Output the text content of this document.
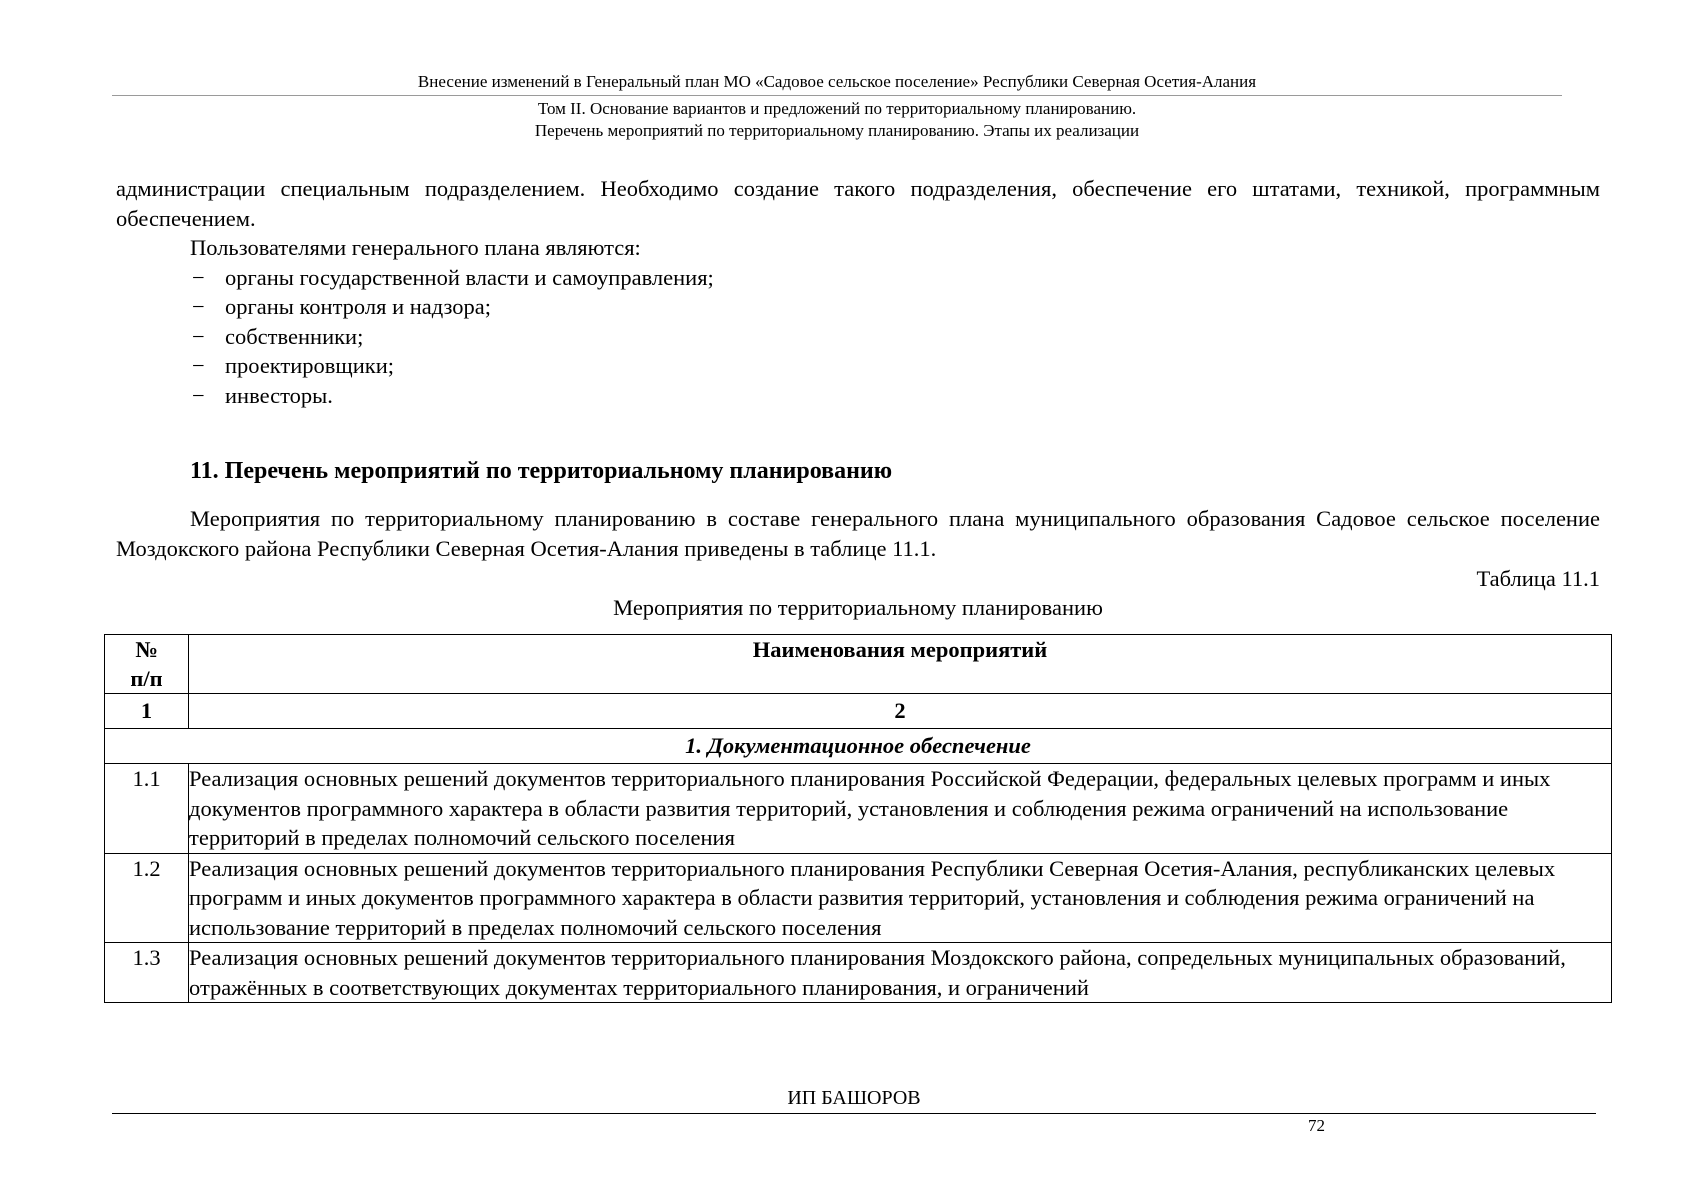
Внесение изменений в Генеральный план МО «Садовое сельское поселение» Республики Северная Осетия-Алания
Том II. Основание вариантов и предложений по территориальному планированию.
Перечень мероприятий по территориальному планированию. Этапы их реализации

администрации специальным подразделением. Необходимо создание такого подразделения, обеспечение его штатами, техникой, программным обеспечением.

Пользователями генерального плана являются:

− органы государственной власти и самоуправления;
− органы контроля и надзора;
− собственники;
− проектировщики;
− инвесторы.
11. Перечень мероприятий по территориальному планированию

Мероприятия по территориальному планированию в составе генерального плана муниципального образования Садовое сельское поселение Моздокского района Республики Северная Осетия-Алания приведены в таблице 11.1.

Таблица 11.1

Мероприятия по территориальному планированию

№
п/п	Наименования мероприятий
1	2
1. Документационное обеспечение	
1.1	Реализация основных решений документов территориального планирования Российской Федерации, федеральных целевых программ и иных документов программного характера в области развития территорий, установления и соблюдения режима ограничений на использование территорий в пределах полномочий сельского поселения
1.2	Реализация основных решений документов территориального планирования Республики Северная Осетия-Алания, республиканских целевых программ и иных документов программного характера в области развития территорий, установления и соблюдения режима ограничений на использование территорий в пределах полномочий сельского поселения
1.3	Реализация основных решений документов территориального планирования Моздокского района, сопредельных муниципальных образований, отражённых в соответствующих документах территориального планирования, и ограничений
ИП БАШОРОВ
72
